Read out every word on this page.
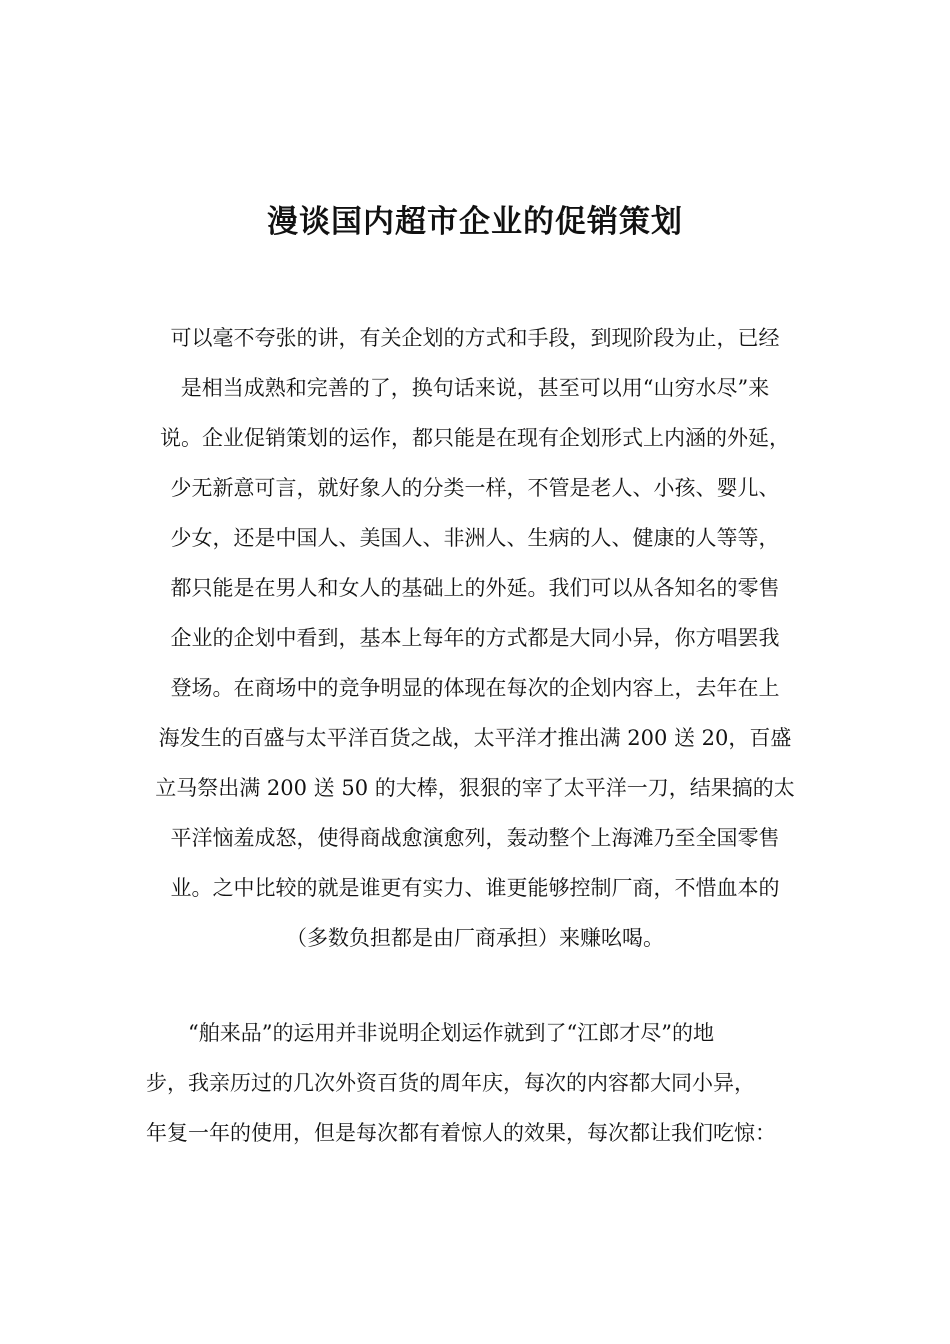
漫谈国内超市企业的促销策划
可以毫不夸张的讲，有关企划的方式和手段，到现阶段为止，已经
是相当成熟和完善的了，换句话来说，甚至可以用“山穷水尽”来
说。企业促销策划的运作，都只能是在现有企划形式上内涵的外延，
少无新意可言，就好象人的分类一样，不管是老人、小孩、婴儿、
少女，还是中国人、美国人、非洲人、生病的人、健康的人等等，
都只能是在男人和女人的基础上的外延。我们可以从各知名的零售
企业的企划中看到，基本上每年的方式都是大同小异，你方唱罢我
登场。在商场中的竞争明显的体现在每次的企划内容上，去年在上
海发生的百盛与太平洋百货之战，太平洋才推出满 200 送 20，百盛
立马祭出满 200 送 50 的大棒，狠狠的宰了太平洋一刀，结果搞的太
平洋恼羞成怒，使得商战愈演愈列，轰动整个上海滩乃至全国零售
业。之中比较的就是谁更有实力、谁更能够控制厂商，不惜血本的
（多数负担都是由厂商承担）来赚吆喝。
“舶来品”的运用并非说明企划运作就到了“江郎才尽”的地
步，我亲历过的几次外资百货的周年庆，每次的内容都大同小异，
年复一年的使用，但是每次都有着惊人的效果，每次都让我们吃惊：
